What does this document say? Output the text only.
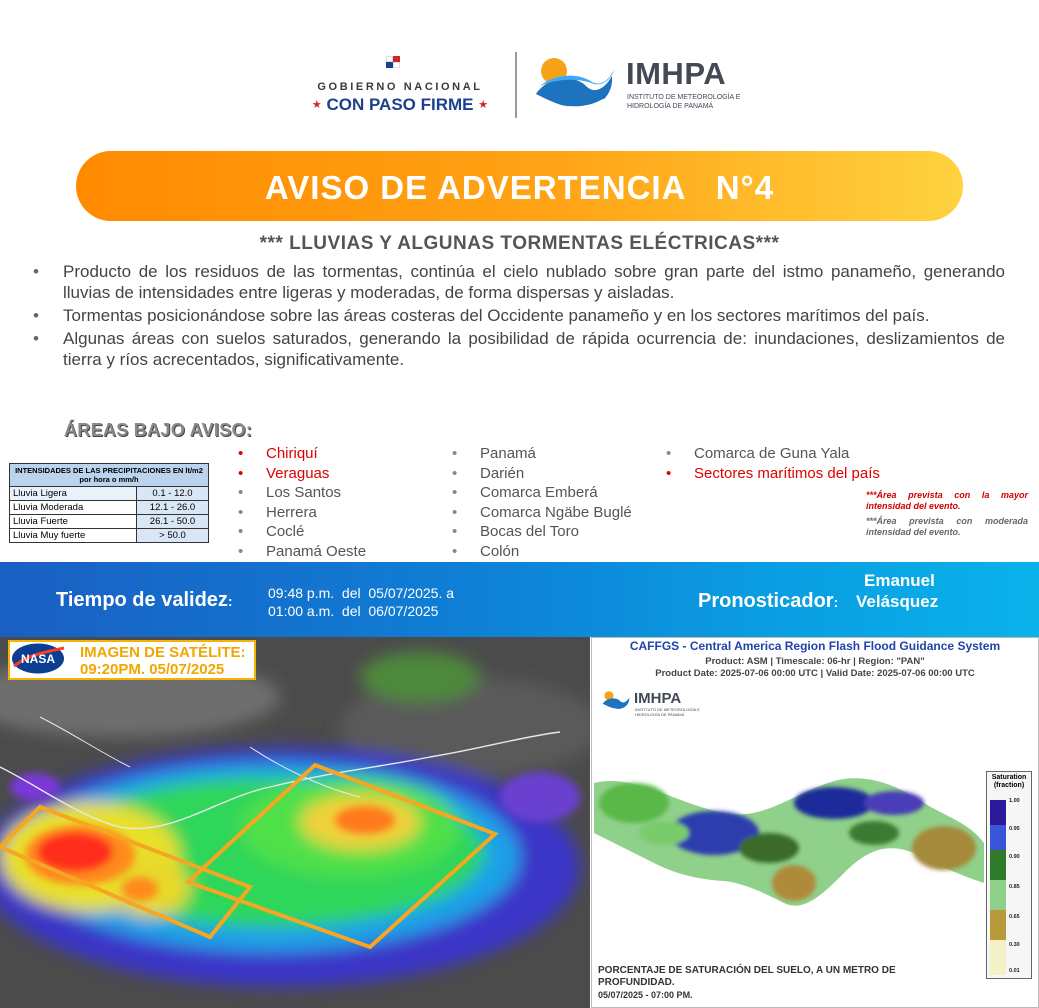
GOBIERNO NACIONAL
★ CON PASO FIRME ★
IMHPA
INSTITUTO DE METEOROLOGÍA E HIDROLOGÍA DE PANAMÁ
AVISO DE ADVERTENCIA   N°4
*** LLUVIAS Y ALGUNAS TORMENTAS ELÉCTRICAS***
• Producto de los residuos de las tormentas, continúa el cielo nublado sobre gran parte del istmo panameño, generando lluvias de intensidades entre ligeras y moderadas, de forma dispersas y aisladas.
• Tormentas posicionándose sobre las áreas costeras del Occidente panameño y en los sectores marítimos del país.
• Algunas áreas con suelos saturados, generando la posibilidad de rápida ocurrencia de: inundaciones, deslizamientos de tierra y ríos acrecentados, significativamente.
ÁREAS BAJO AVISO:
INTENSIDADES DE LAS PRECIPITACIONES EN lt/m2 por hora o mm/h	
Lluvia Ligera	0.1 - 12.0
Lluvia Moderada	12.1 - 26.0
Lluvia Fuerte	26.1 - 50.0
Lluvia Muy fuerte	> 50.0
• Chiriquí
• Veraguas
• Los Santos
• Herrera
• Coclé
• Panamá Oeste
• Panamá
• Darién
• Comarca Emberá
• Comarca Ngäbe Buglé
• Bocas del Toro
• Colón
• Comarca de Guna Yala
• Sectores marítimos del país
***Área prevista con la mayor intensidad del evento.
***Área prevista con moderada intensidad del evento.
Tiempo de validez:	09:48 p.m.  del  05/07/2025. a
01:00 a.m.  del  06/07/2025	Pronosticador:
Emanuel
Velásquez
NASA IMAGEN DE SATÉLITE:
09:20PM. 05/07/2025
CAFFGS - Central America Region Flash Flood Guidance System
Product: ASM | Timescale: 06-hr | Region: "PAN"
Product Date: 2025-07-06 00:00 UTC | Valid Date: 2025-07-06 00:00 UTC
IMHPA
INSTITUTO DE METEOROLOGÍA E HIDROLOGÍA DE PANAMÁ
Saturation (fraction)
1.00
0.95
0.90
0.85
0.65
0.30
0.01
PORCENTAJE DE SATURACIÓN DEL SUELO, A UN METRO DE PROFUNDIDAD.
05/07/2025 - 07:00 PM.
